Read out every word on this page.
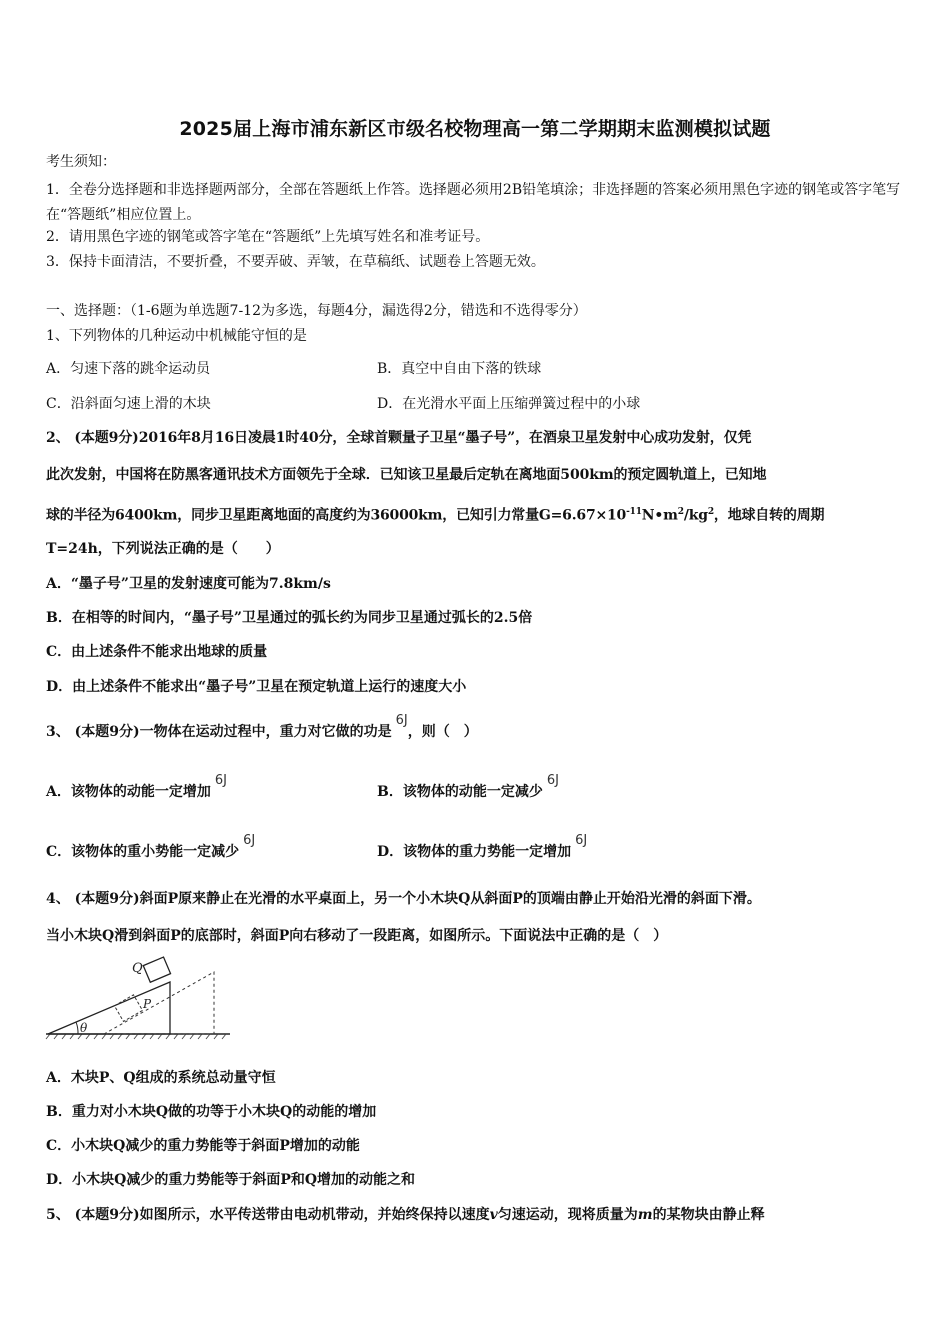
2025届上海市浦东新区市级名校物理高一第二学期期末监测模拟试题
考生须知：
1．全卷分选择题和非选择题两部分，全部在答题纸上作答。选择题必须用2B铅笔填涂；非选择题的答案必须用黑色字迹的钢笔或答字笔写在“答题纸”相应位置上。
2．请用黑色字迹的钢笔或答字笔在“答题纸”上先填写姓名和准考证号。
3．保持卡面清洁，不要折叠，不要弄破、弄皱，在草稿纸、试题卷上答题无效。
一、选择题：（1-6题为单选题7-12为多选，每题4分，漏选得2分，错选和不选得零分）
1、下列物体的几种运动中机械能守恒的是
A．匀速下落的跳伞运动员	B．真空中自由下落的铁球
C．沿斜面匀速上滑的木块	D．在光滑水平面上压缩弹簧过程中的小球
2、 (本题9分)2016年8月16日凌晨1时40分，全球首颗量子卫星“墨子号”，在酒泉卫星发射中心成功发射，仅凭
此次发射，中国将在防黑客通讯技术方面领先于全球．已知该卫星最后定轨在离地面500km的预定圆轨道上，已知地
球的半径为6400km，同步卫星距离地面的高度约为36000km，已知引力常量$G=6.67\times 10^{-11}N•m^2/kg^2$，地球自转的周期
T=24h，下列说法正确的是（　　）
A．“墨子号”卫星的发射速度可能为7.8km/s
B．在相等的时间内，“墨子号”卫星通过的弧长约为同步卫星通过弧长的2.5倍
C．由上述条件不能求出地球的质量
D．由上述条件不能求出“墨子号”卫星在预定轨道上运行的速度大小
3、 (本题9分)一物体在运动过程中，重力对它做的功是6J，则（　）
A．该物体的动能一定增加6J
B．该物体的动能一定减少6J
C．该物体的重小势能一定减少6J
D．该物体的重力势能一定增加6J
4、 (本题9分)斜面P原来静止在光滑的水平桌面上，另一个小木块Q从斜面P的顶端由静止开始沿光滑的斜面下滑。
当小木块Q滑到斜面P的底部时，斜面P向右移动了一段距离，如图所示。下面说法中正确的是（　）
Q
P
θ
A．木块P、Q组成的系统总动量守恒
B．重力对小木块Q做的功等于小木块Q的动能的增加
C．小木块Q减少的重力势能等于斜面P增加的动能
D．小木块Q减少的重力势能等于斜面P和Q增加的动能之和
5、 (本题9分)如图所示，水平传送带由电动机带动，并始终保持以速度v匀速运动，现将质量为m的某物块由静止释
